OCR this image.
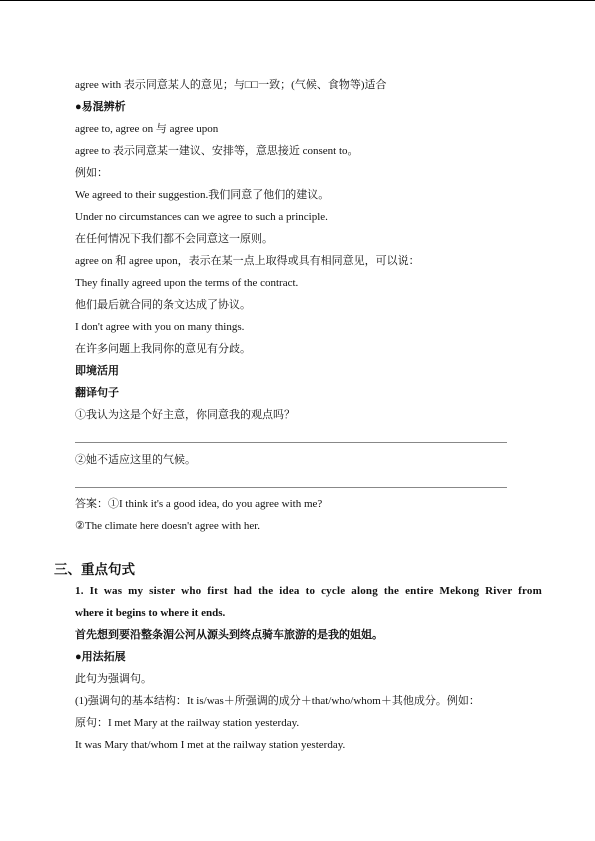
agree with 表示同意某人的意见；与□□一致；(气候、食物等)适合
●易混辨析
agree to, agree on 与 agree upon
agree to 表示同意某一建议、安排等，意思接近 consent to。
例如：
We agreed to their suggestion.我们同意了他们的建议。
Under no circumstances can we agree to such a principle.
在任何情况下我们都不会同意这一原则。
agree on 和 agree upon，表示在某一点上取得或具有相同意见，可以说：
They finally agreed upon the terms of the contract.
他们最后就合同的条文达成了协议。
I don't agree with you on many things.
在许多问题上我同你的意见有分歧。
即境活用
翻译句子
①我认为这是个好主意，你同意我的观点吗？
②她不适应这里的气候。
答案：①I think it's a good idea, do you agree with me?
②The climate here doesn't agree with her.
三、重点句式
1. It was my sister who first had the idea to cycle along the entire Mekong River from
where it begins to where it ends.
首先想到要沿整条湄公河从源头到终点骑车旅游的是我的姐姐。
●用法拓展
此句为强调句。
(1)强调句的基本结构：It is/was＋所强调的成分＋that/who/whom＋其他成分。例如：
原句：I met Mary at the railway station yesterday.
It was Mary that/whom I met at the railway station yesterday.
